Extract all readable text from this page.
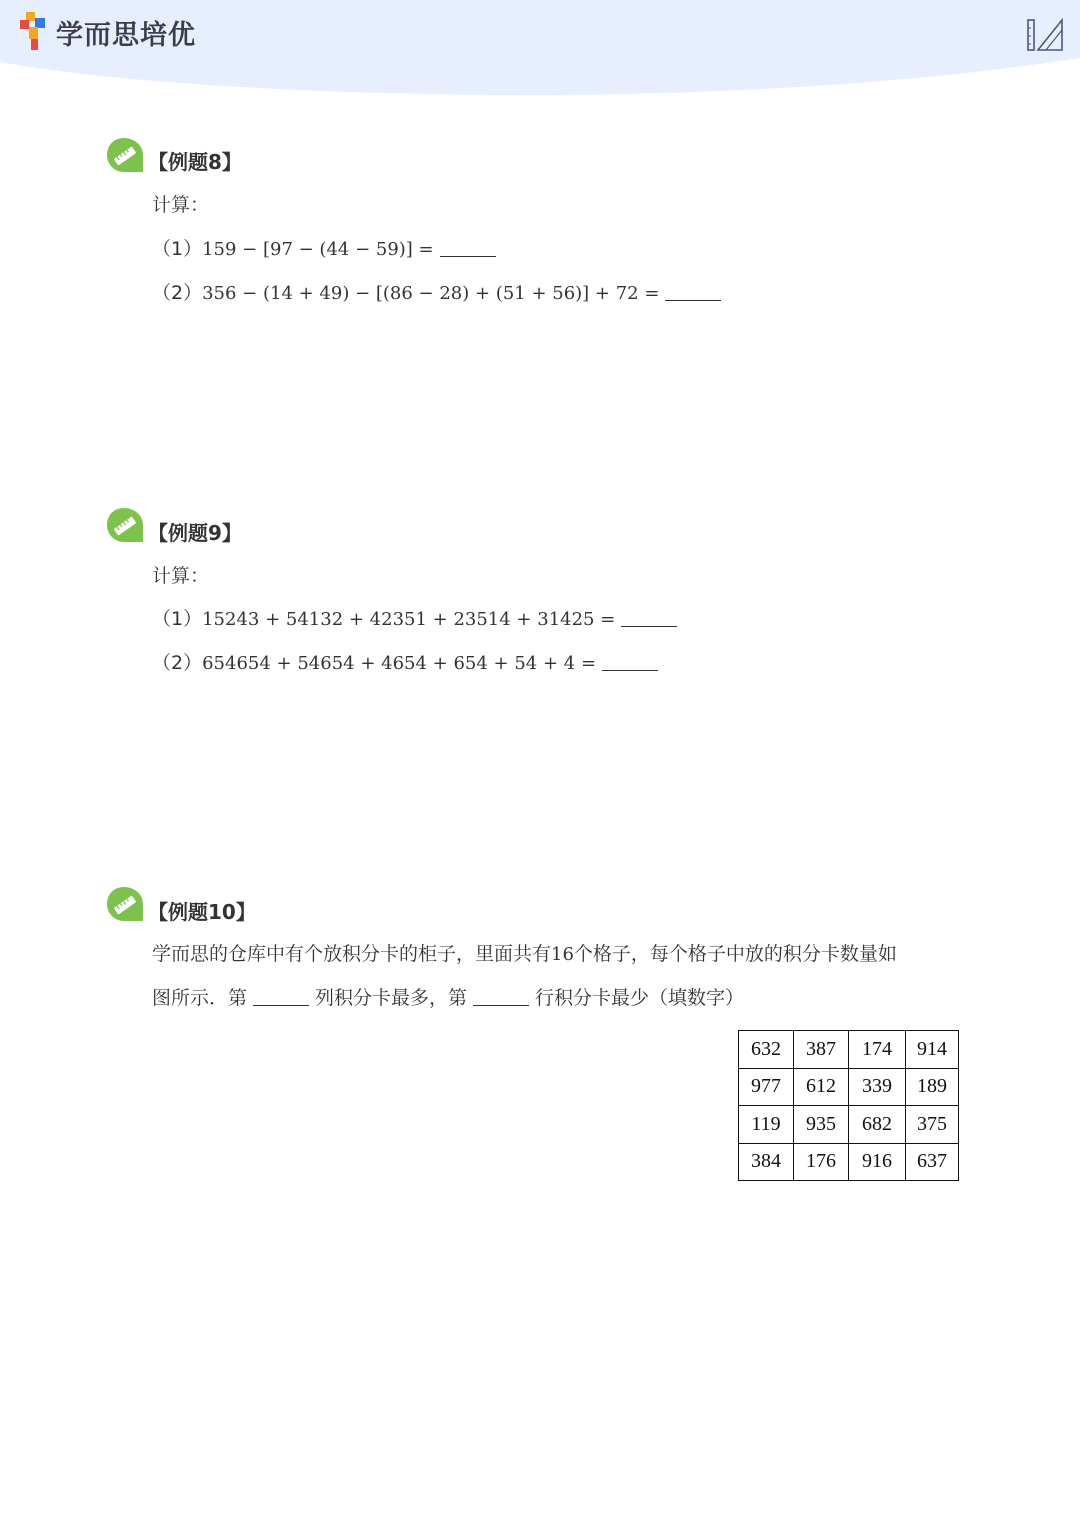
学而思培优
【例题8】
计算：
（1）159 − [97 − (44 − 59)] =
（2）356 − (14 + 49) − [(86 − 28) + (51 + 56)] + 72 =
【例题9】
计算：
（1）15243 + 54132 + 42351 + 23514 + 31425 =
（2）654654 + 54654 + 4654 + 654 + 54 + 4 =
【例题10】
学而思的仓库中有个放积分卡的柜子，里面共有16个格子，每个格子中放的积分卡数量如
图所示．第	列积分卡最多，第	行积分卡最少（填数字）
632	387	174	914
977	612	339	189
119	935	682	375
384	176	916	637
